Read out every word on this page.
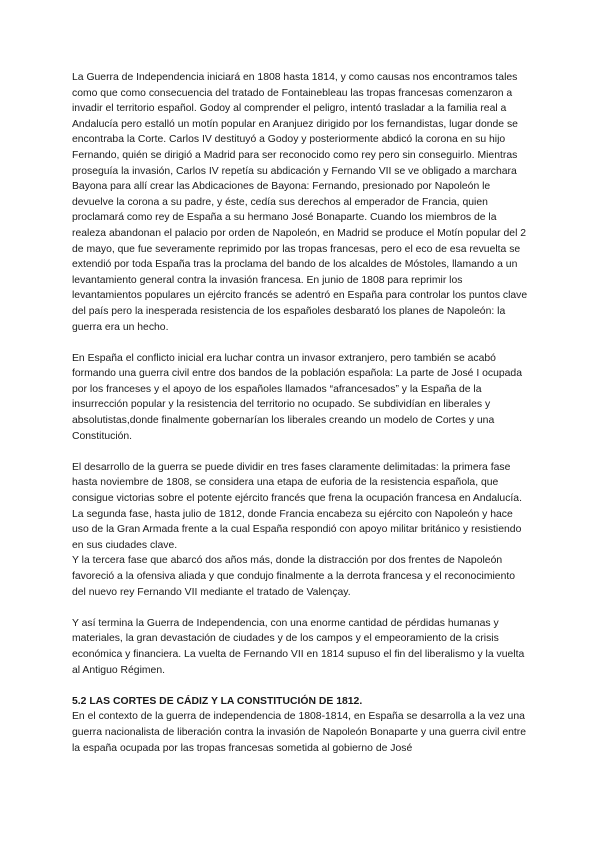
La Guerra de Independencia iniciará en 1808 hasta 1814, y como causas nos encontramos tales como que como consecuencia del tratado de Fontainebleau las tropas francesas comenzaron a invadir el territorio español. Godoy al comprender el peligro, intentó trasladar a la familia real a Andalucía pero estalló un motín popular en Aranjuez dirigido por los fernandistas, lugar donde se encontraba la Corte. Carlos IV destituyó a Godoy y posteriormente abdicó la corona en su hijo Fernando, quién se dirigió a Madrid para ser reconocido como rey pero sin conseguirlo. Mientras proseguía la invasión, Carlos IV repetía su abdicación y Fernando VII se ve obligado a marchara Bayona para allí crear las Abdicaciones de Bayona: Fernando, presionado por Napoleón le devuelve la corona a su padre, y éste, cedía sus derechos al emperador de Francia, quien proclamará como rey de España a su hermano José Bonaparte. Cuando los miembros de la realeza abandonan el palacio por orden de Napoleón, en Madrid se produce el Motín popular del 2 de mayo, que fue severamente reprimido por las tropas francesas, pero el eco de esa revuelta se extendió por toda España tras la proclama del bando de los alcaldes de Móstoles, llamando a un levantamiento general contra la invasión francesa. En junio de 1808 para reprimir los levantamientos populares un ejército francés se adentró en España para controlar los puntos clave del país pero la inesperada resistencia de los españoles desbarató los planes de Napoleón: la guerra era un hecho.

En España el conflicto inicial era luchar contra un invasor extranjero, pero también se acabó formando una guerra civil entre dos bandos de la población española: La parte de José I ocupada por los franceses y el apoyo de los españoles llamados “afrancesados” y la España de la insurrección popular y la resistencia del territorio no ocupado. Se subdividían en liberales y absolutistas,donde finalmente gobernarían los liberales creando un modelo de Cortes y una Constitución.

El desarrollo de la guerra se puede dividir en tres fases claramente delimitadas: la primera fase hasta noviembre de 1808, se considera una etapa de euforia de la resistencia española, que consigue victorias sobre el potente ejército francés que frena la ocupación francesa en Andalucía.

La segunda fase, hasta julio de 1812, donde Francia encabeza su ejército con Napoleón y hace uso de la Gran Armada frente a la cual España respondió con apoyo militar británico y resistiendo en sus ciudades clave.

Y la tercera fase que abarcó dos años más, donde la distracción por dos frentes de Napoleón favoreció a la ofensiva aliada y que condujo finalmente a la derrota francesa y el reconocimiento del nuevo rey Fernando VII mediante el tratado de Valençay.

Y así termina la Guerra de Independencia, con una enorme cantidad de pérdidas humanas y materiales, la gran devastación de ciudades y de los campos y el empeoramiento de la crisis económica y financiera. La vuelta de Fernando VII en 1814 supuso el fin del liberalismo y la vuelta al Antiguo Régimen.

5.2 LAS CORTES DE CÁDIZ Y LA CONSTITUCIÓN DE 1812.

En el contexto de la guerra de independencia de 1808-1814, en España se desarrolla a la vez una guerra nacionalista de liberación contra la invasión de Napoleón Bonaparte y una guerra civil entre la españa ocupada por las tropas francesas sometida al gobierno de José
